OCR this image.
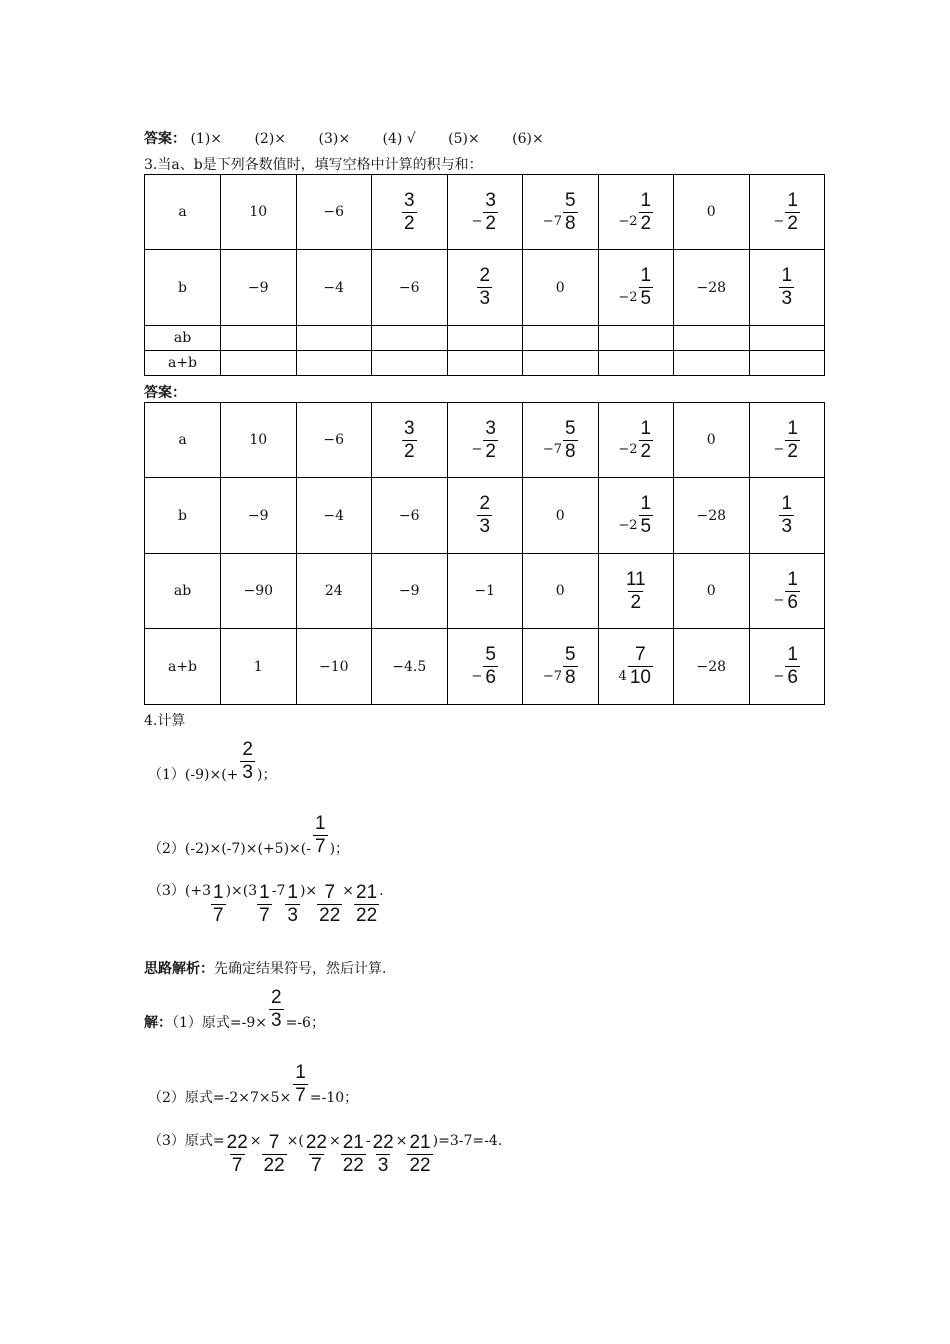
答案： (1)× (2)× (3)× (4) √ (5)× (6)×
3.当a、b是下列各数值时，填写空格中计算的积与和：
a	10	−6	$\frac{3}{2}$	− $\frac{3}{2}$	$-7 \frac{5}{8}$	$-2 \frac{1}{2}$	0	− $\frac{1}{2}$

b	−9	−4	−6	$\frac{2}{3}$	0	$-2 \frac{1}{5}$	−28	$\frac{1}{3}$

ab								
a+b								
答案：
a	10	−6	$\frac{3}{2}$	− $\frac{3}{2}$	$-7 \frac{5}{8}$	$-2 \frac{1}{2}$	0	− $\frac{1}{2}$

b	−9	−4	−6	$\frac{2}{3}$	0	$-2 \frac{1}{5}$	−28	$\frac{1}{3}$

ab	−90	24	−9	−1	0	$\frac{11}{2}$	0	− $\frac{1}{6}$

a+b	1	−10	−4.5	− $\frac{5}{6}$	$-7 \frac{5}{8}$	$4 \frac{7}{10}$	−28	− $\frac{1}{6}$
4.计算
$(1)(-9)\times(+ \frac{2}{3}$ )；
$(2)(-2)\times(-7)\times(+5)\times(- \frac{1}{7}$ )；
$(3)(+3 \frac{1}{7} )\times(3 \frac{1}{7} -7 \frac{1}{3}$ )× $\frac{7}{22} \times \frac{21}{22}$ .
思路解析：先确定结果符号，然后计算.
解：（1）原式$=-9\times \frac{2}{3} =-6$；
（2）原式$=-2\times 7\times 5\times \frac{1}{7} =-10$；
（3）原式= $\frac{22}{7} \times \frac{7}{22}$ ×( $\frac{22}{7} \times \frac{21}{22} - \frac{22}{3} \times \frac{21}{22} )=3-7=-4$.
